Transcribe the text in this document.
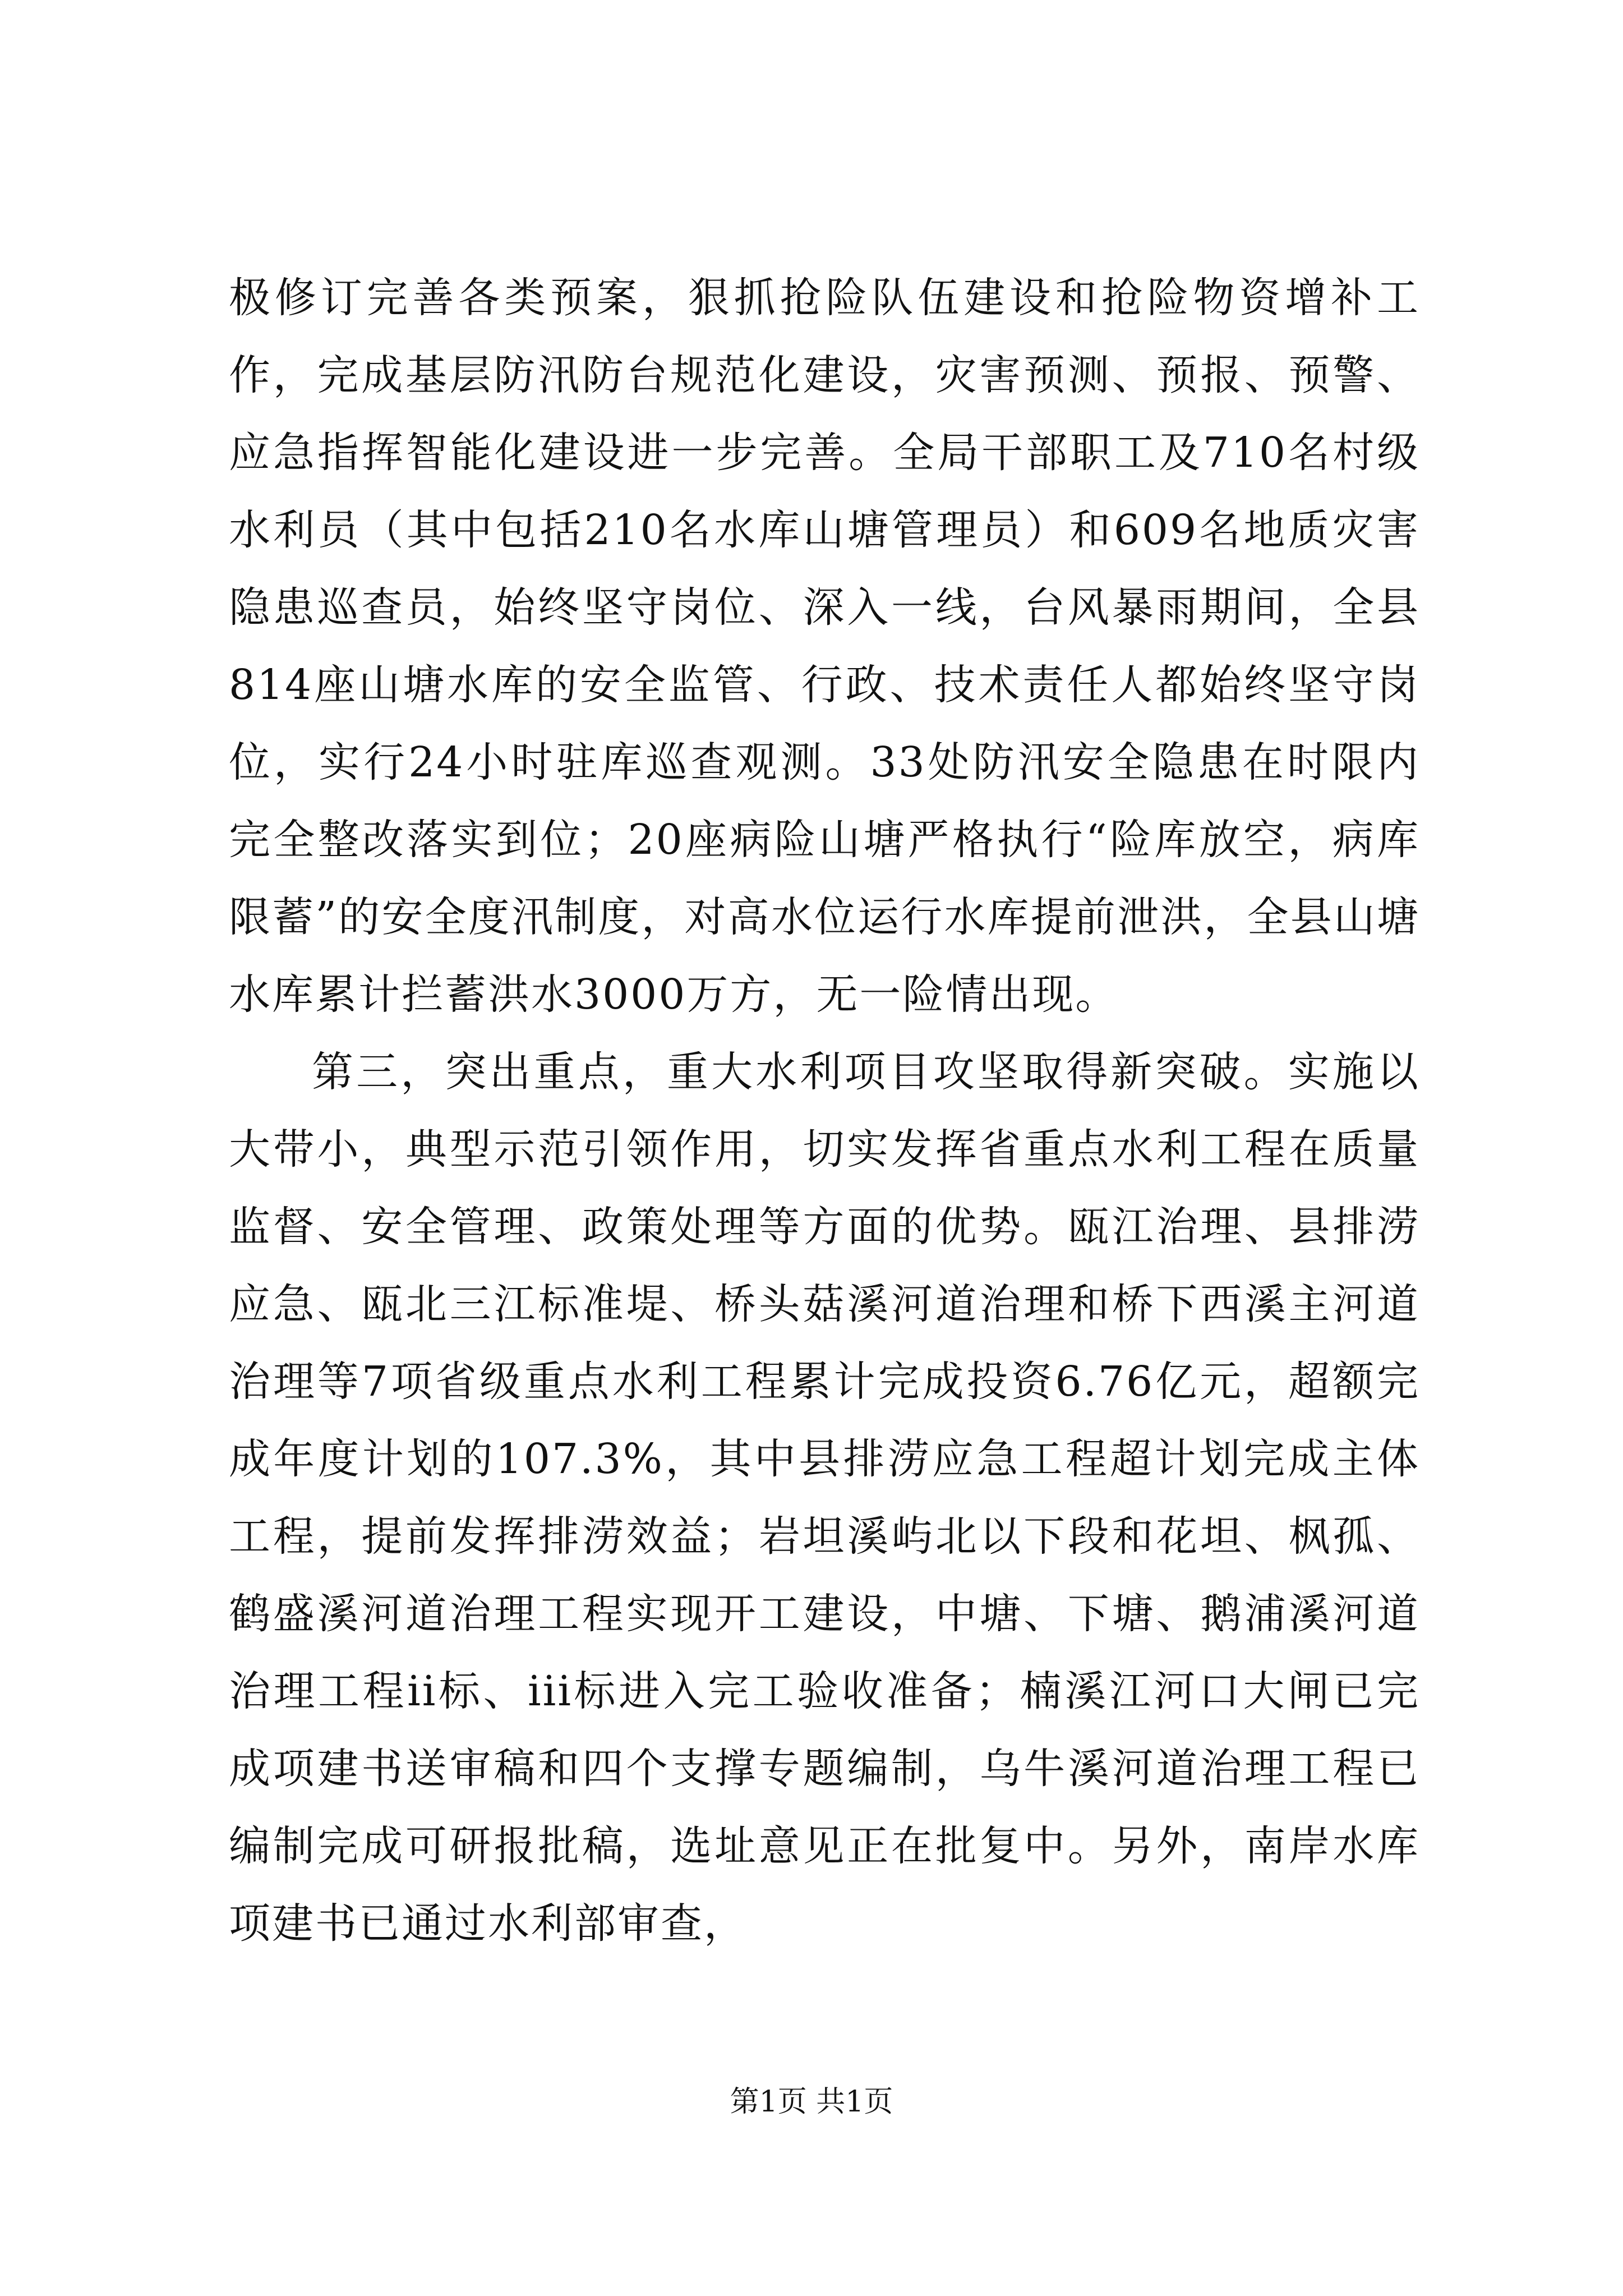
极修订完善各类预案，狠抓抢险队伍建设和抢险物资增补工作，完成基层防汛防台规范化建设，灾害预测、预报、预警、应急指挥智能化建设进一步完善。全局干部职工及710名村级水利员（其中包括210名水库山塘管理员）和609名地质灾害隐患巡查员，始终坚守岗位、深入一线，台风暴雨期间，全县814座山塘水库的安全监管、行政、技术责任人都始终坚守岗位，实行24小时驻库巡查观测。33处防汛安全隐患在时限内完全整改落实到位；20座病险山塘严格执行“险库放空，病库限蓄”的安全度汛制度，对高水位运行水库提前泄洪，全县山塘水库累计拦蓄洪水3000万方，无一险情出现。

第三，突出重点，重大水利项目攻坚取得新突破。实施以大带小，典型示范引领作用，切实发挥省重点水利工程在质量监督、安全管理、政策处理等方面的优势。瓯江治理、县排涝应急、瓯北三江标准堤、桥头菇溪河道治理和桥下西溪主河道治理等7项省级重点水利工程累计完成投资6.76亿元，超额完成年度计划的107.3%，其中县排涝应急工程超计划完成主体工程，提前发挥排涝效益；岩坦溪屿北以下段和花坦、枫孤、鹤盛溪河道治理工程实现开工建设，中塘、下塘、鹅浦溪河道治理工程ii标、iii标进入完工验收准备；楠溪江河口大闸已完成项建书送审稿和四个支撑专题编制，乌牛溪河道治理工程已编制完成可研报批稿，选址意见正在批复中。另外，南岸水库项建书已通过水利部审查，

第1页 共1页
